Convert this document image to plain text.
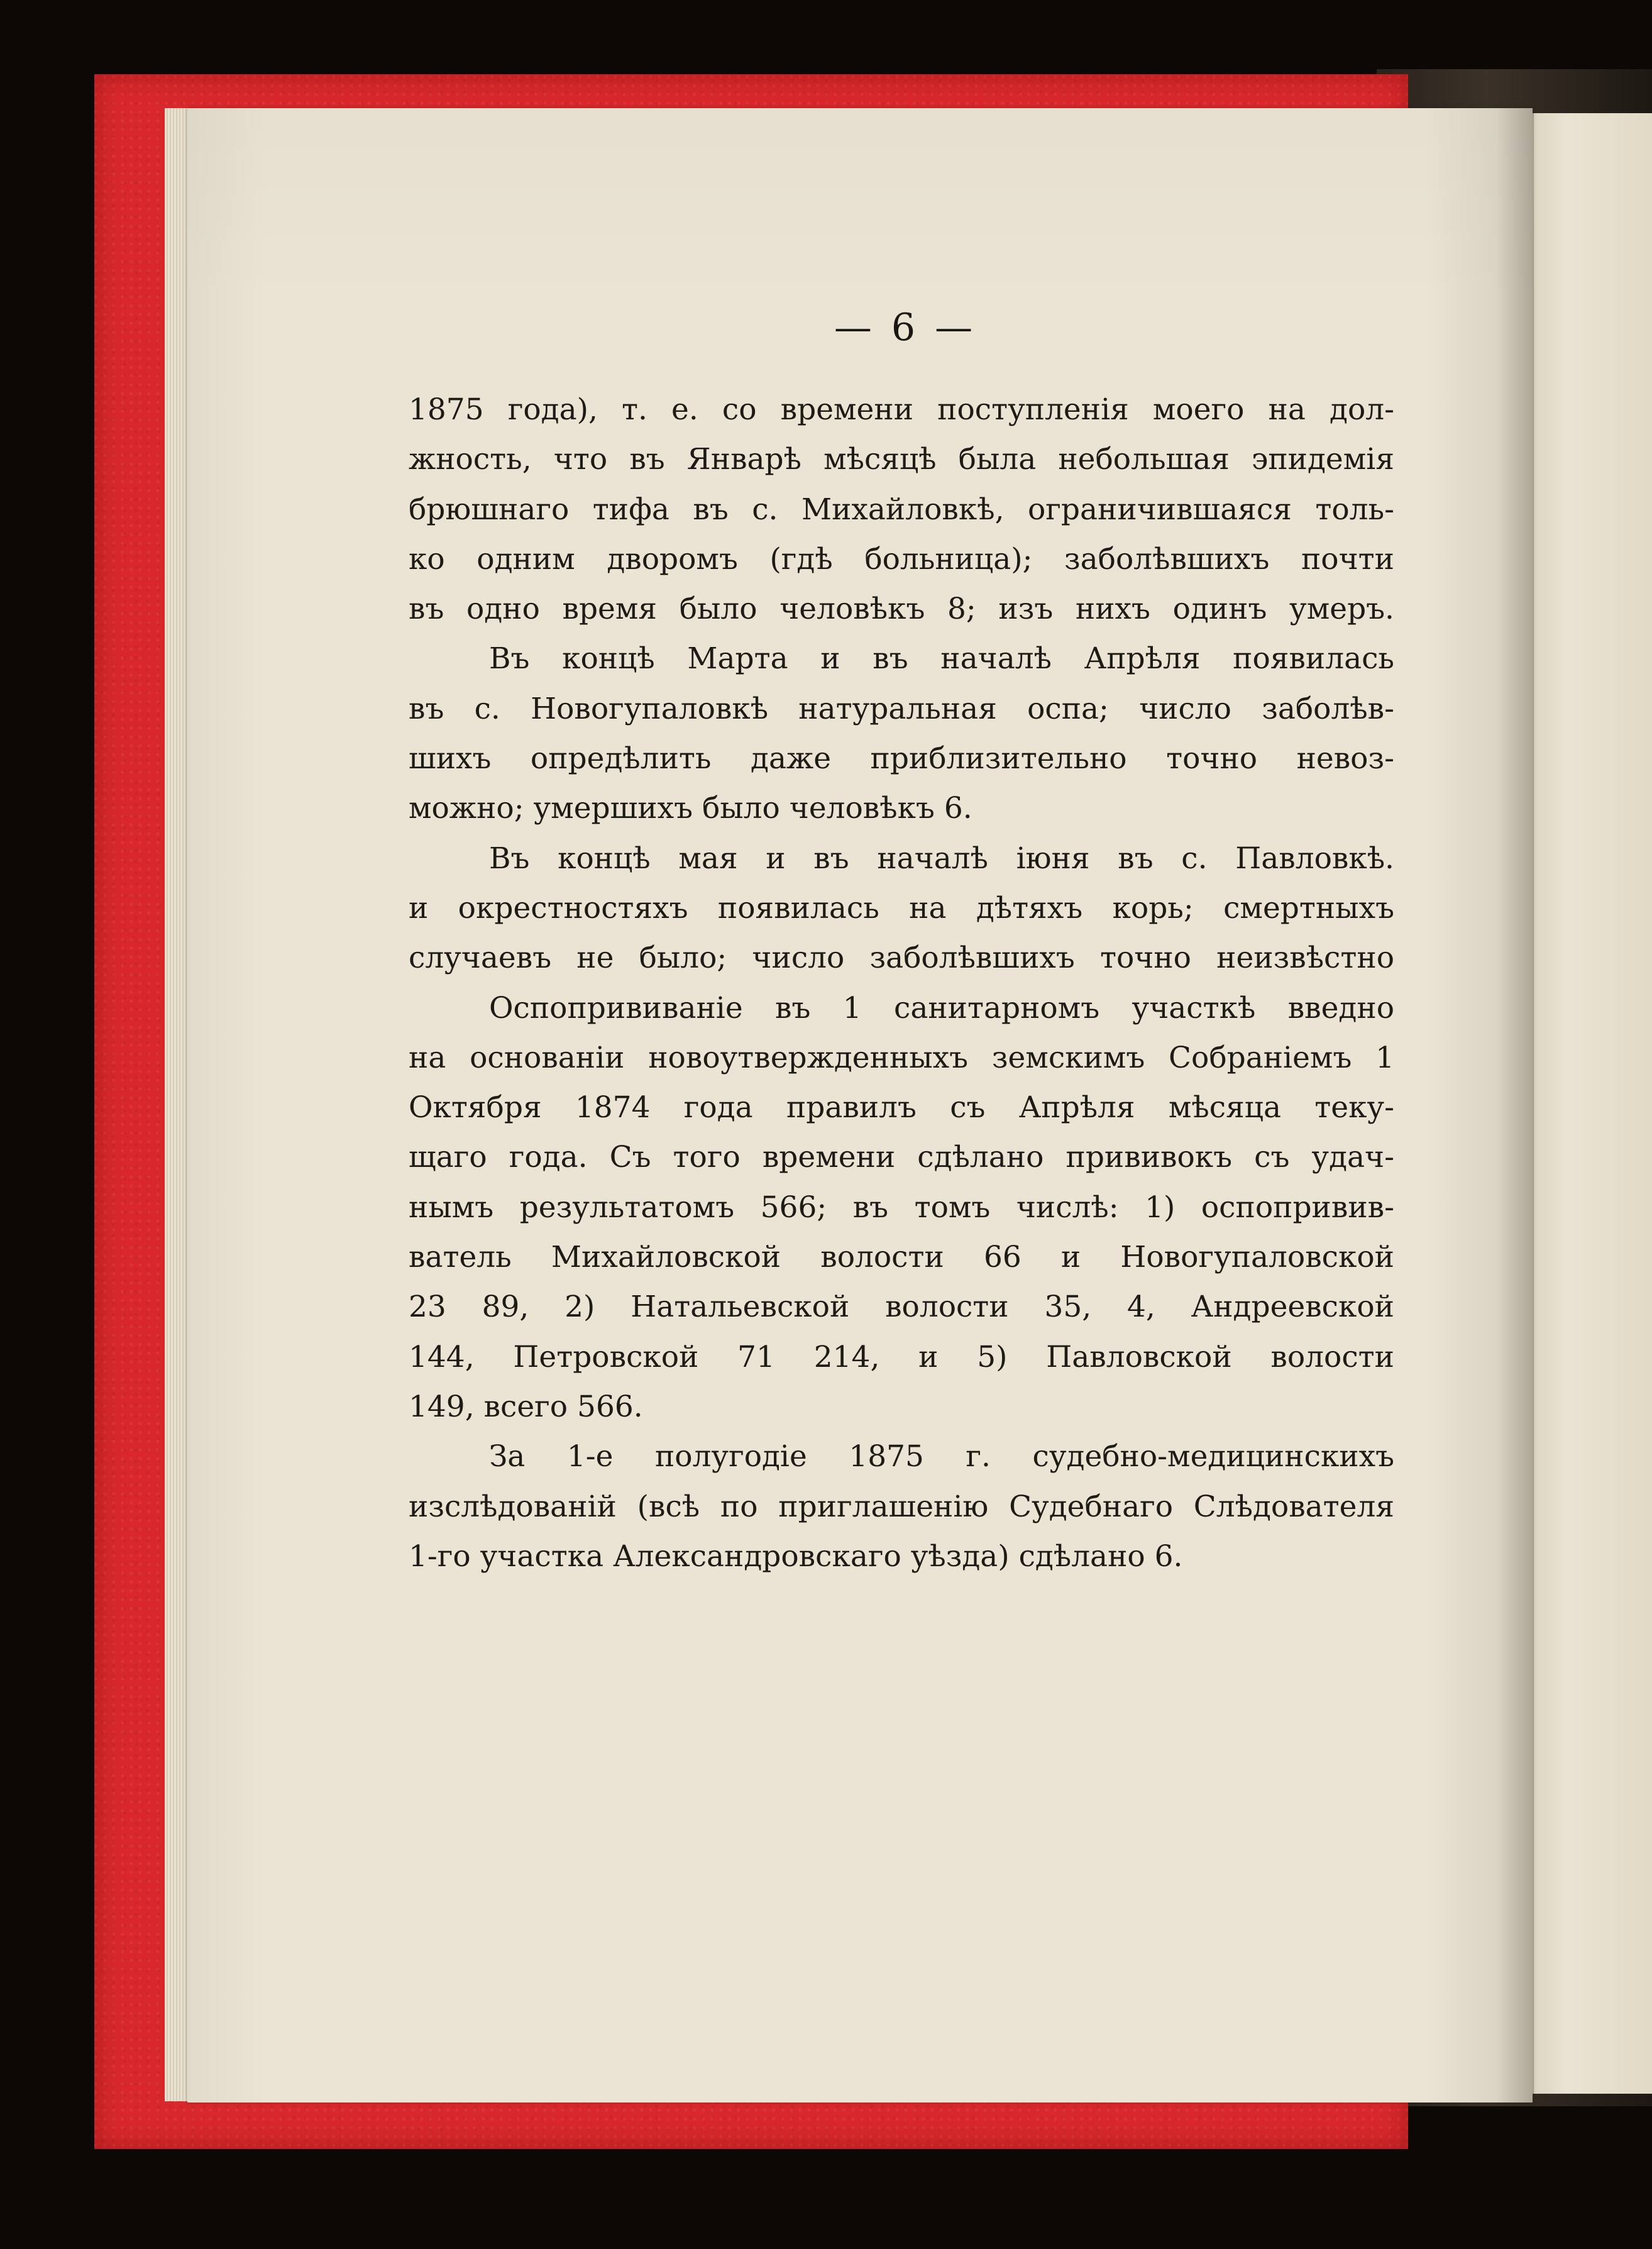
— 6 —
1875 года), т. е. со времени поступленія моего на дол-
жность, что въ Январѣ мѣсяцѣ была небольшая эпидемія
брюшнаго тифа въ с. Михайловкѣ, ограничившаяся толь-
ко одним дворомъ (гдѣ больница); заболѣвшихъ почти
въ одно время было человѣкъ 8; изъ нихъ одинъ умеръ.
Въ концѣ Марта и въ началѣ Апрѣля появилась
въ с. Новогупаловкѣ натуральная оспа; число заболѣв-
шихъ опредѣлить даже приблизительно точно невоз-
можно; умершихъ было человѣкъ 6.
Въ концѣ мая и въ началѣ іюня въ с. Павловкѣ.
и окрестностяхъ появилась на дѣтяхъ корь; смертныхъ
случаевъ не было; число заболѣвшихъ точно неизвѣстно
Оспопрививаніе въ 1 санитарномъ участкѣ введно
на основаніи новоутвержденныхъ земскимъ Собраніемъ 1
Октября 1874 года правилъ съ Апрѣля мѣсяца теку-
щаго года. Съ того времени сдѣлано прививокъ съ удач-
нымъ результатомъ 566; въ томъ числѣ: 1) оспопривив-
ватель Михайловской волости 66 и Новогупаловской
23 89, 2) Натальевской волости 35, 4, Андреевской
144, Петровской 71 214, и 5) Павловской волости
149, всего 566.
За 1-е полугодіе 1875 г. судебно-медицинскихъ
изслѣдованій (всѣ по приглашенію Судебнаго Слѣдователя
1-го участка Александровскаго уѣзда) сдѣлано 6.
